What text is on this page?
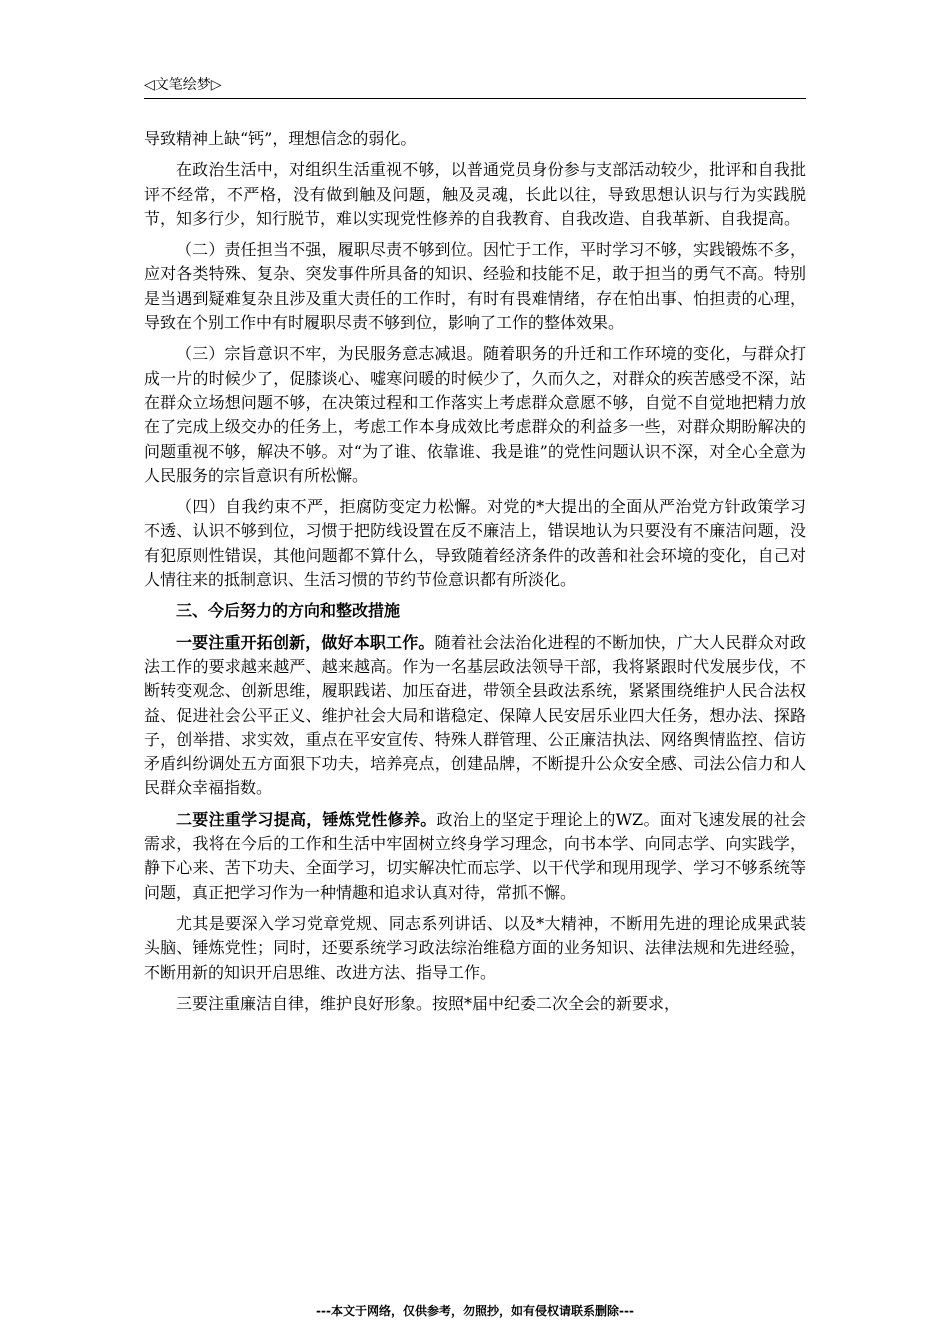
◁文笔绘梦▷

导致精神上缺“钙”，理想信念的弱化。

在政治生活中，对组织生活重视不够，以普通党员身份参与支部活动较少，批评和自我批评不经常，不严格，没有做到触及问题，触及灵魂，长此以往，导致思想认识与行为实践脱节，知多行少，知行脱节，难以实现党性修养的自我教育、自我改造、自我革新、自我提高。

（二）责任担当不强，履职尽责不够到位。因忙于工作，平时学习不够，实践锻炼不多，应对各类特殊、复杂、突发事件所具备的知识、经验和技能不足，敢于担当的勇气不高。特别是当遇到疑难复杂且涉及重大责任的工作时，有时有畏难情绪，存在怕出事、怕担责的心理，导致在个别工作中有时履职尽责不够到位，影响了工作的整体效果。

（三）宗旨意识不牢，为民服务意志减退。随着职务的升迁和工作环境的变化，与群众打成一片的时候少了，促膝谈心、嘘寒问暖的时候少了，久而久之，对群众的疾苦感受不深，站在群众立场想问题不够，在决策过程和工作落实上考虑群众意愿不够，自觉不自觉地把精力放在了完成上级交办的任务上，考虑工作本身成效比考虑群众的利益多一些，对群众期盼解决的问题重视不够，解决不够。对“为了谁、依靠谁、我是谁”的党性问题认识不深，对全心全意为人民服务的宗旨意识有所松懈。

（四）自我约束不严，拒腐防变定力松懈。对党的*大提出的全面从严治党方针政策学习不透、认识不够到位，习惯于把防线设置在反不廉洁上，错误地认为只要没有不廉洁问题，没有犯原则性错误，其他问题都不算什么，导致随着经济条件的改善和社会环境的变化，自己对人情往来的抵制意识、生活习惯的节约节俭意识都有所淡化。

三、今后努力的方向和整改措施

一要注重开拓创新，做好本职工作。随着社会法治化进程的不断加快，广大人民群众对政法工作的要求越来越严、越来越高。作为一名基层政法领导干部，我将紧跟时代发展步伐，不断转变观念、创新思维，履职践诺、加压奋进，带领全县政法系统，紧紧围绕维护人民合法权益、促进社会公平正义、维护社会大局和谐稳定、保障人民安居乐业四大任务，想办法、探路子，创举措、求实效，重点在平安宣传、特殊人群管理、公正廉洁执法、网络舆情监控、信访矛盾纠纷调处五方面狠下功夫，培养亮点，创建品牌，不断提升公众安全感、司法公信力和人民群众幸福指数。

二要注重学习提高，锤炼党性修养。政治上的坚定于理论上的WZ。面对飞速发展的社会需求，我将在今后的工作和生活中牢固树立终身学习理念，向书本学、向同志学、向实践学，静下心来、苦下功夫、全面学习，切实解决忙而忘学、以干代学和现用现学、学习不够系统等问题，真正把学习作为一种情趣和追求认真对待，常抓不懈。

尤其是要深入学习党章党规、同志系列讲话、以及*大精神，不断用先进的理论成果武装头脑、锤炼党性；同时，还要系统学习政法综治维稳方面的业务知识、法律法规和先进经验，不断用新的知识开启思维、改进方法、指导工作。

三要注重廉洁自律，维护良好形象。按照*届中纪委二次全会的新要求，

---本文于网络，仅供参考，勿照抄，如有侵权请联系删除---
